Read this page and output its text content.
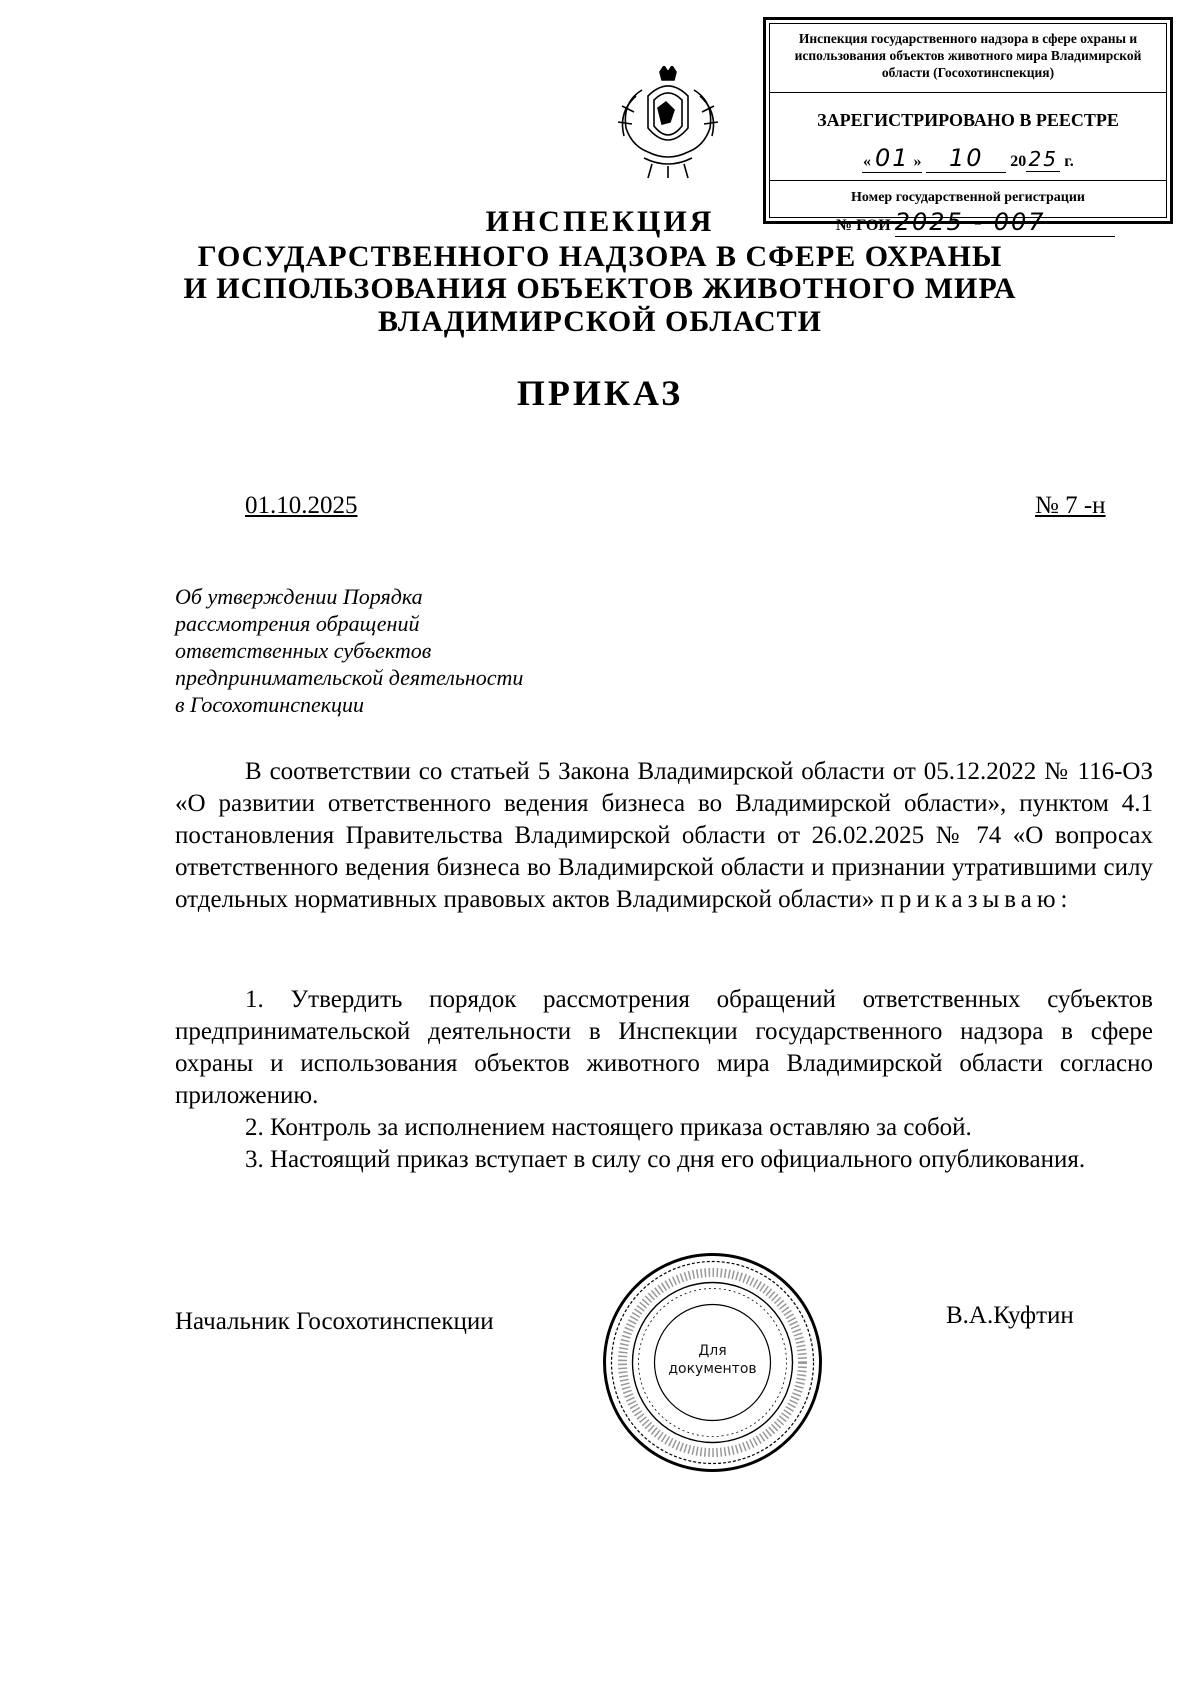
Инспекция государственного надзора в сфере охраны и использования объектов животного мира Владимирской области (Госохотинспекция)
ЗАРЕГИСТРИРОВАНО В РЕЕСТРЕ
« 01 » 10 20 25 г.
Номер государственной регистрации
№ ГОИ 2025 - 007
ИНСПЕКЦИЯ
ГОСУДАРСТВЕННОГО НАДЗОРА В СФЕРЕ ОХРАНЫ
И ИСПОЛЬЗОВАНИЯ ОБЪЕКТОВ ЖИВОТНОГО МИРА
ВЛАДИМИРСКОЙ ОБЛАСТИ
ПРИКАЗ
01.10.2025	№ 7 -н
Об утверждении Порядка
рассмотрения обращений
ответственных субъектов
предпринимательской деятельности
в Госохотинспекции
В соответствии со статьей 5 Закона Владимирской области от 05.12.2022 № 116-ОЗ «О развитии ответственного ведения бизнеса во Владимирской области», пунктом 4.1 постановления Правительства Владимирской области от 26.02.2025 № 74 «О вопросах ответственного ведения бизнеса во Владимирской области и признании утратившими силу отдельных нормативных правовых актов Владимирской области» приказываю:
1. Утвердить порядок рассмотрения обращений ответственных субъектов предпринимательской деятельности в Инспекции государственного надзора в сфере охраны и использования объектов животного мира Владимирской области согласно приложению.
2. Контроль за исполнением настоящего приказа оставляю за собой.
3. Настоящий приказ вступает в силу со дня его официального опубликования.
Начальник Госохотинспекции	В.А.Куфтин
Для
документов
